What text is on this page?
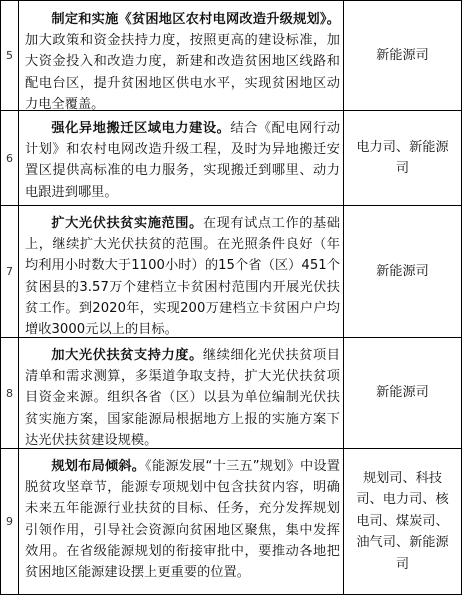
5
制定和实施《贫困地区农村电网改造升级规划》。加大政策和资金扶持力度，按照更高的建设标准，加大资金投入和改造力度，新建和改造贫困地区线路和配电台区，提升贫困地区供电水平，实现贫困地区动力电全覆盖。
新能源司
6
强化异地搬迁区域电力建设。结合《配电网行动计划》和农村电网改造升级工程，及时为异地搬迁安置区提供高标准的电力服务，实现搬迁到哪里、动力电跟进到哪里。
电力司、新能源司
7
扩大光伏扶贫实施范围。在现有试点工作的基础上，继续扩大光伏扶贫的范围。在光照条件良好（年均利用小时数大于1100小时）的15个省（区）451个贫困县的3.57万个建档立卡贫困村范围内开展光伏扶贫工作。到2020年，实现200万建档立卡贫困户户均增收3000元以上的目标。
新能源司
8
加大光伏扶贫支持力度。继续细化光伏扶贫项目清单和需求测算，多渠道争取支持，扩大光伏扶贫项目资金来源。组织各省（区）以县为单位编制光伏扶贫实施方案，国家能源局根据地方上报的实施方案下达光伏扶贫建设规模。
新能源司
9
规划布局倾斜。《能源发展“十三五”规划》中设置脱贫攻坚章节，能源专项规划中包含扶贫内容，明确未来五年能源行业扶贫的目标、任务，充分发挥规划引领作用，引导社会资源向贫困地区聚焦，集中发挥效用。在省级能源规划的衔接审批中，要推动各地把贫困地区能源建设摆上更重要的位置。
规划司、科技司、电力司、核电司、煤炭司、油气司、新能源司
